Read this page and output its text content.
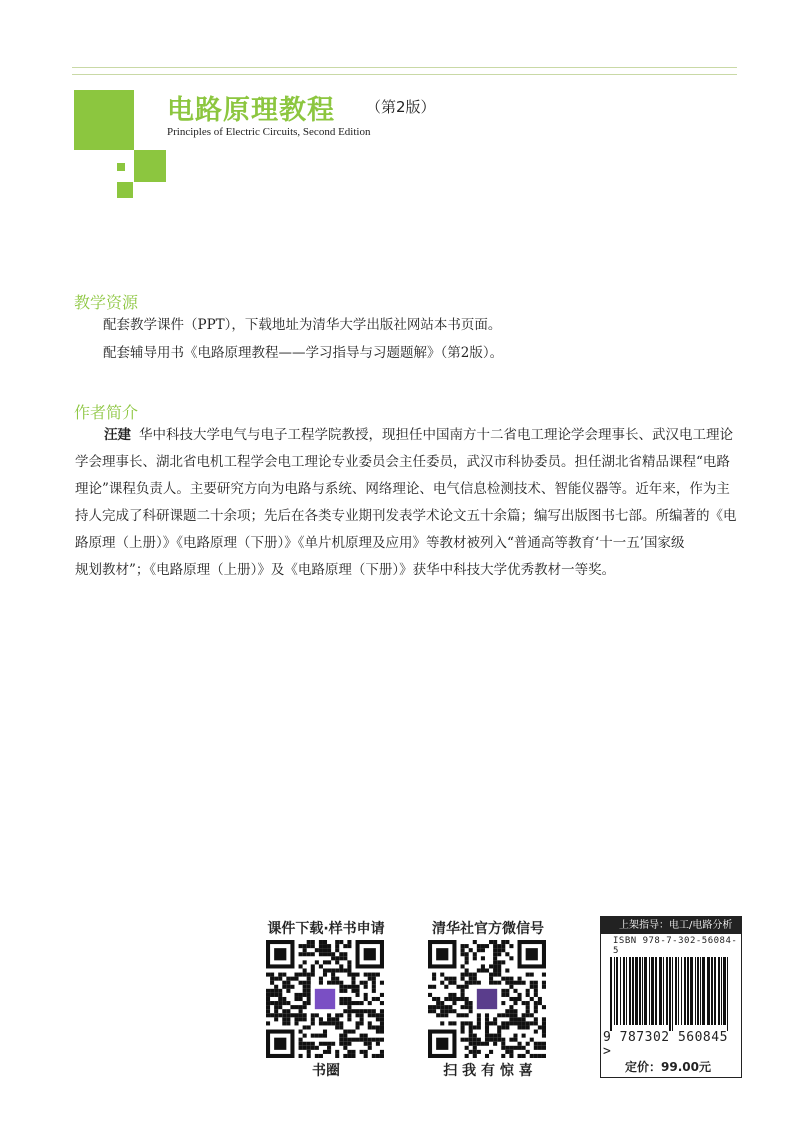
电路原理教程 （第2版）
Principles of Electric Circuits, Second Edition
教学资源
配套教学课件（PPT），下载地址为清华大学出版社网站本书页面。
配套辅导用书《电路原理教程——学习指导与习题题解》（第2版）。
作者简介
汪建 华中科技大学电气与电子工程学院教授，现担任中国南方十二省电工理论学会理事长、武汉电工理论
学会理事长、湖北省电机工程学会电工理论专业委员会主任委员，武汉市科协委员。担任湖北省精品课程“电路
理论”课程负责人。主要研究方向为电路与系统、网络理论、电气信息检测技术、智能仪器等。近年来，作为主
持人完成了科研课题二十余项；先后在各类专业期刊发表学术论文五十余篇；编写出版图书七部。所编著的《电
路原理（上册）》《电路原理（下册）》《单片机原理及应用》等教材被列入“普通高等教育‘十一五’国家级
规划教材”；《电路原理（上册）》及《电路原理（下册）》获华中科技大学优秀教材一等奖。
课件下载·样书申请
书圈
清华社官方微信号
扫 我 有 惊 喜
上架指导：电工/电路分析
ISBN 978-7-302-56084-5
9 787302 560845 >
定价：99.00元
